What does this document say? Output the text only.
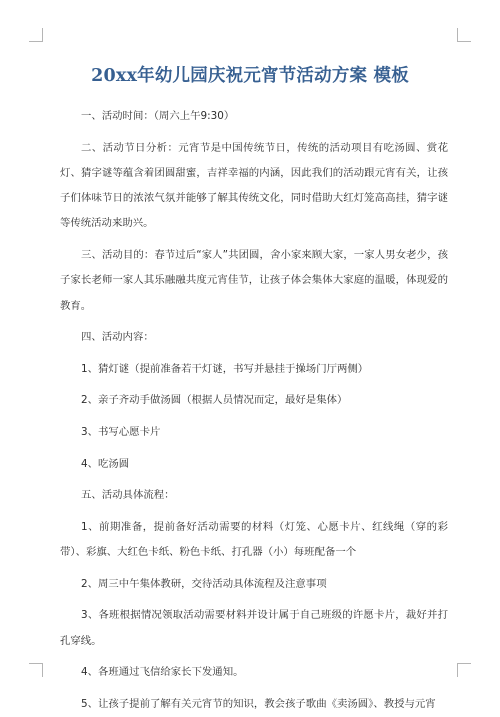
20xx年幼儿园庆祝元宵节活动方案 模板

一、活动时间：（周六上午9:30）

二、活动节日分析：元宵节是中国传统节日，传统的活动项目有吃汤圆、赏花灯、猜字谜等蕴含着团圆甜蜜，吉祥幸福的内涵，因此我们的活动跟元宵有关，让孩子们体味节日的浓浓气氛并能够了解其传统文化，同时借助大红灯笼高高挂，猜字谜等传统活动来助兴。

三、活动目的：春节过后“家人”共团圆，舍小家来顾大家，一家人男女老少，孩子家长老师一家人其乐融融共度元宵佳节，让孩子体会集体大家庭的温暖，体现爱的教育。

四、活动内容：

1、猜灯谜（提前准备若干灯谜，书写并悬挂于操场门厅两侧）

2、亲子齐动手做汤圆（根据人员情况而定，最好是集体）

3、书写心愿卡片

4、吃汤圆

五、活动具体流程：

1、前期准备，提前备好活动需要的材料（灯笼、心愿卡片、红线绳（穿的彩带）、彩旗、大红色卡纸、粉色卡纸、打孔器（小）每班配备一个

2、周三中午集体教研，交待活动具体流程及注意事项

3、各班根据情况领取活动需要材料并设计属于自己班级的许愿卡片，裁好并打孔穿线。

4、各班通过飞信给家长下发通知。

5、让孩子提前了解有关元宵节的知识，教会孩子歌曲《卖汤圆》、教授与元宵
